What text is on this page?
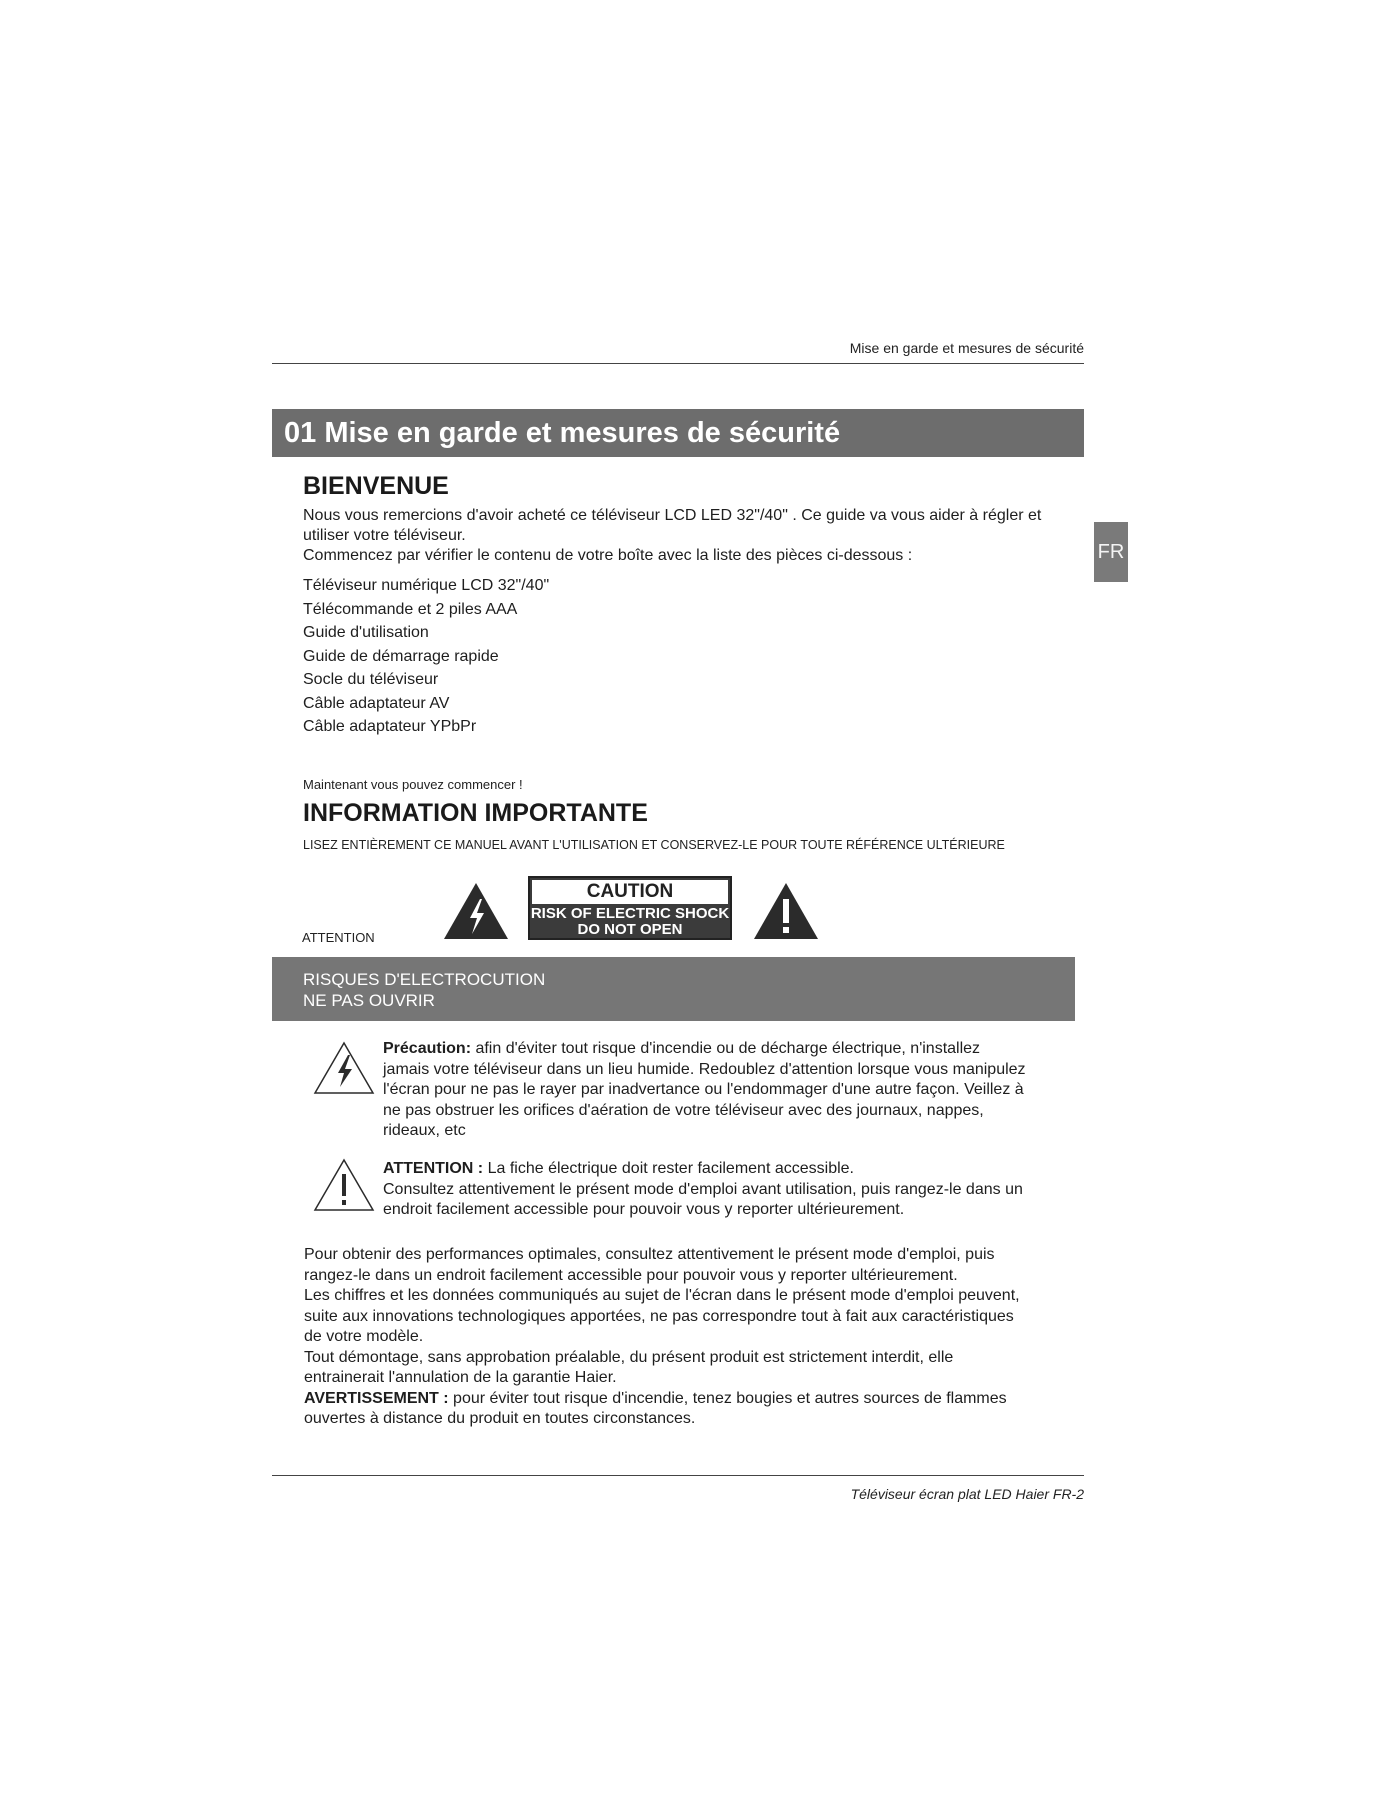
Mise en garde et mesures de sécurité
01 Mise en garde et mesures de sécurité
FR
BIENVENUE
Nous vous remercions d'avoir acheté ce téléviseur LCD LED 32"/40" . Ce guide va vous aider à régler et
utiliser votre téléviseur.
Commencez par vérifier le contenu de votre boîte avec la liste des pièces ci-dessous :
Téléviseur numérique LCD 32"/40"
Télécommande et 2 piles AAA
Guide d'utilisation
Guide de démarrage rapide
Socle du téléviseur
Câble adaptateur AV
Câble adaptateur YPbPr
Maintenant vous pouvez commencer !
INFORMATION IMPORTANTE
LISEZ ENTIÈREMENT CE MANUEL AVANT L'UTILISATION ET CONSERVEZ-LE POUR TOUTE RÉFÉRENCE ULTÉRIEURE
ATTENTION
CAUTION
RISK OF ELECTRIC SHOCK
DO NOT OPEN
RISQUES D'ELECTROCUTION
NE PAS OUVRIR
Précaution: afin d'éviter tout risque d'incendie ou de décharge électrique, n'installez
jamais votre téléviseur dans un lieu humide. Redoublez d'attention lorsque vous manipulez
l'écran pour ne pas le rayer par inadvertance ou l'endommager d'une autre façon. Veillez à
ne pas obstruer les orifices d'aération de votre téléviseur avec des journaux, nappes,
rideaux, etc
ATTENTION : La fiche électrique doit rester facilement accessible.
Consultez attentivement le présent mode d'emploi avant utilisation, puis rangez-le dans un
endroit facilement accessible pour pouvoir vous y reporter ultérieurement.
Pour obtenir des performances optimales, consultez attentivement le présent mode d'emploi, puis
rangez-le dans un endroit facilement accessible pour pouvoir vous y reporter ultérieurement.
Les chiffres et les données communiqués au sujet de l'écran dans le présent mode d'emploi peuvent,
suite aux innovations technologiques apportées, ne pas correspondre tout à fait aux caractéristiques
de votre modèle.
Tout démontage, sans approbation préalable, du présent produit est strictement interdit, elle
entrainerait l'annulation de la garantie Haier.
AVERTISSEMENT : pour éviter tout risque d'incendie, tenez bougies et autres sources de flammes
ouvertes à distance du produit en toutes circonstances.
Téléviseur écran plat LED Haier FR-2
